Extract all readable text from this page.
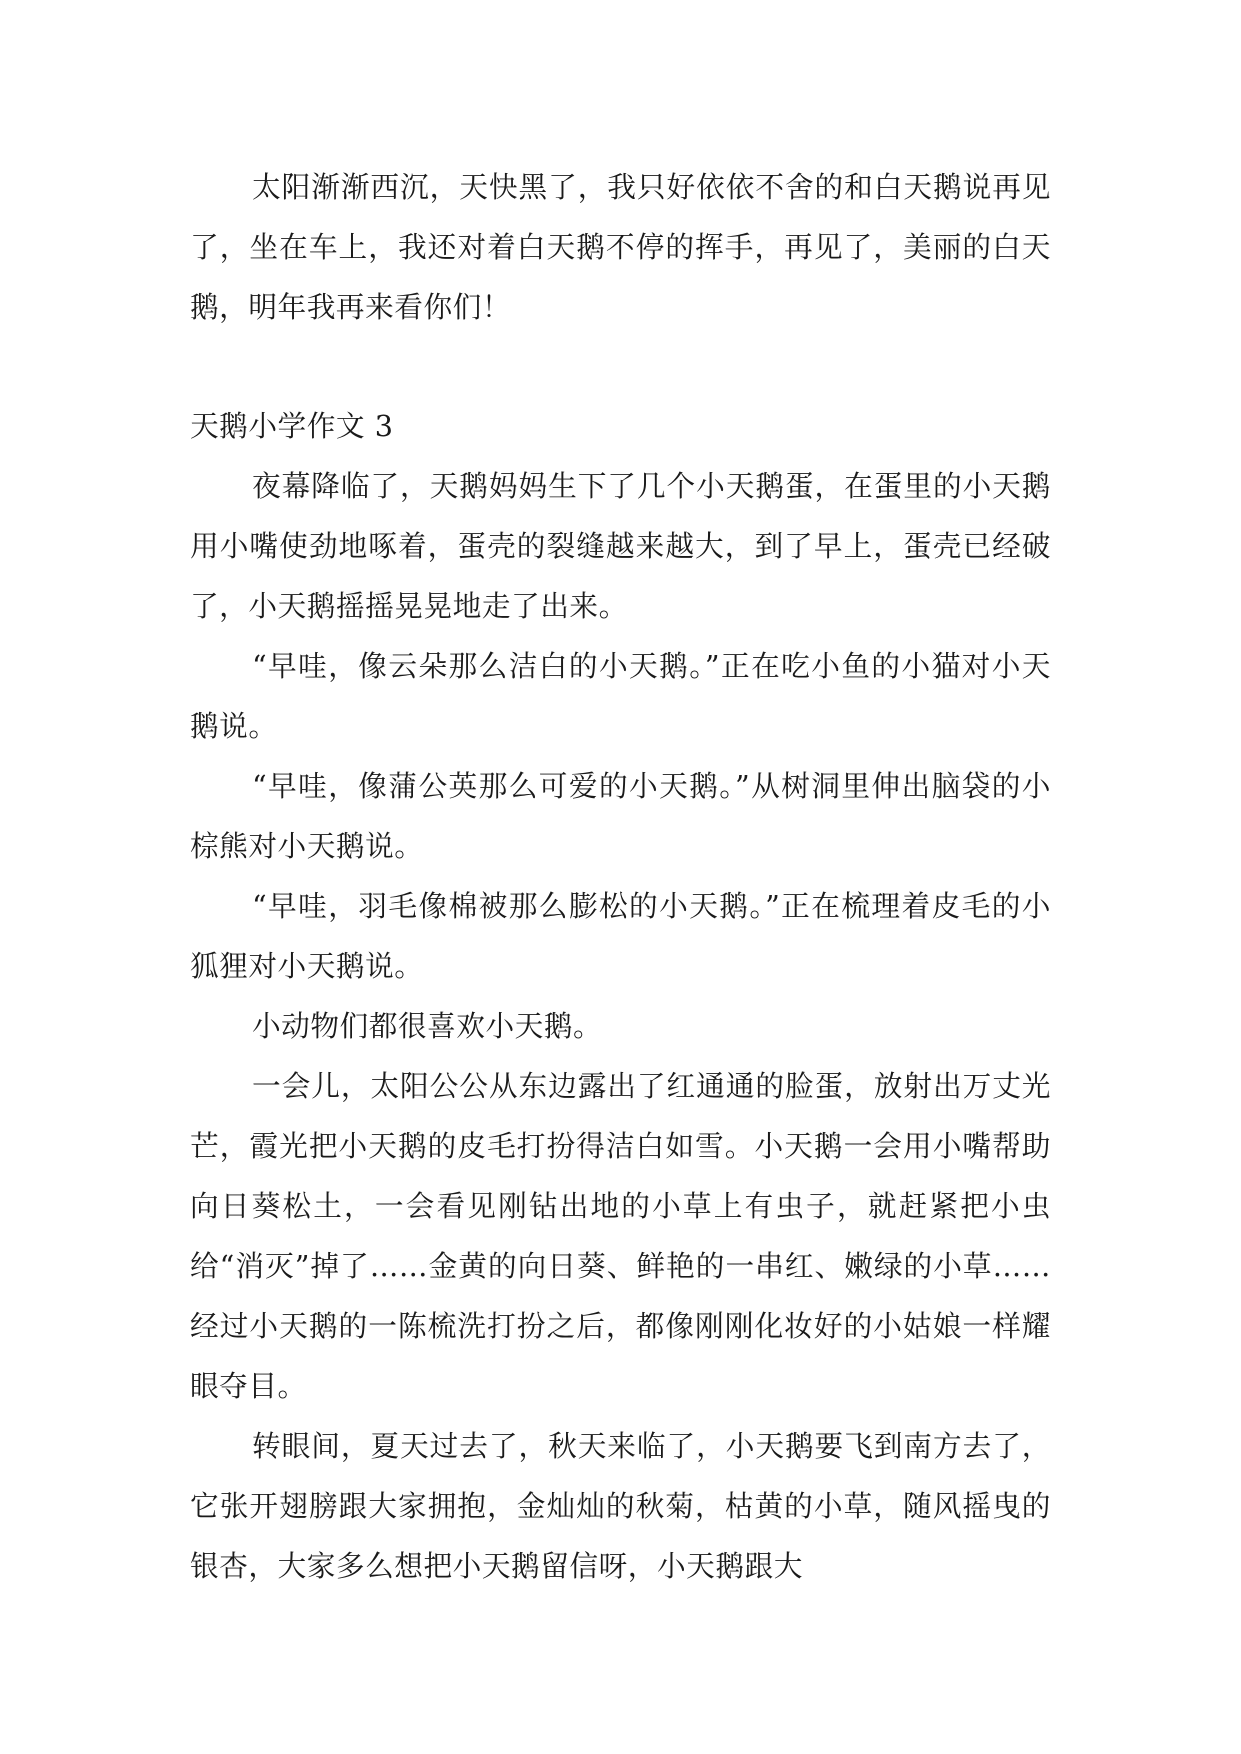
太阳渐渐西沉，天快黑了，我只好依依不舍的和白天鹅说再见了，坐在车上，我还对着白天鹅不停的挥手，再见了，美丽的白天鹅，明年我再来看你们！

天鹅小学作文 3

夜幕降临了，天鹅妈妈生下了几个小天鹅蛋，在蛋里的小天鹅用小嘴使劲地啄着，蛋壳的裂缝越来越大，到了早上，蛋壳已经破了，小天鹅摇摇晃晃地走了出来。

“早哇，像云朵那么洁白的小天鹅。”正在吃小鱼的小猫对小天鹅说。

“早哇，像蒲公英那么可爱的小天鹅。”从树洞里伸出脑袋的小棕熊对小天鹅说。

“早哇，羽毛像棉被那么膨松的小天鹅。”正在梳理着皮毛的小狐狸对小天鹅说。

小动物们都很喜欢小天鹅。

一会儿，太阳公公从东边露出了红通通的脸蛋，放射出万丈光芒，霞光把小天鹅的皮毛打扮得洁白如雪。小天鹅一会用小嘴帮助向日葵松土，一会看见刚钻出地的小草上有虫子，就赶紧把小虫给“消灭”掉了……金黄的向日葵、鲜艳的一串红、嫩绿的小草……经过小天鹅的一陈梳洗打扮之后，都像刚刚化妆好的小姑娘一样耀眼夺目。

转眼间，夏天过去了，秋天来临了，小天鹅要飞到南方去了，它张开翅膀跟大家拥抱，金灿灿的秋菊，枯黄的小草，随风摇曳的银杏，大家多么想把小天鹅留信呀，小天鹅跟大
